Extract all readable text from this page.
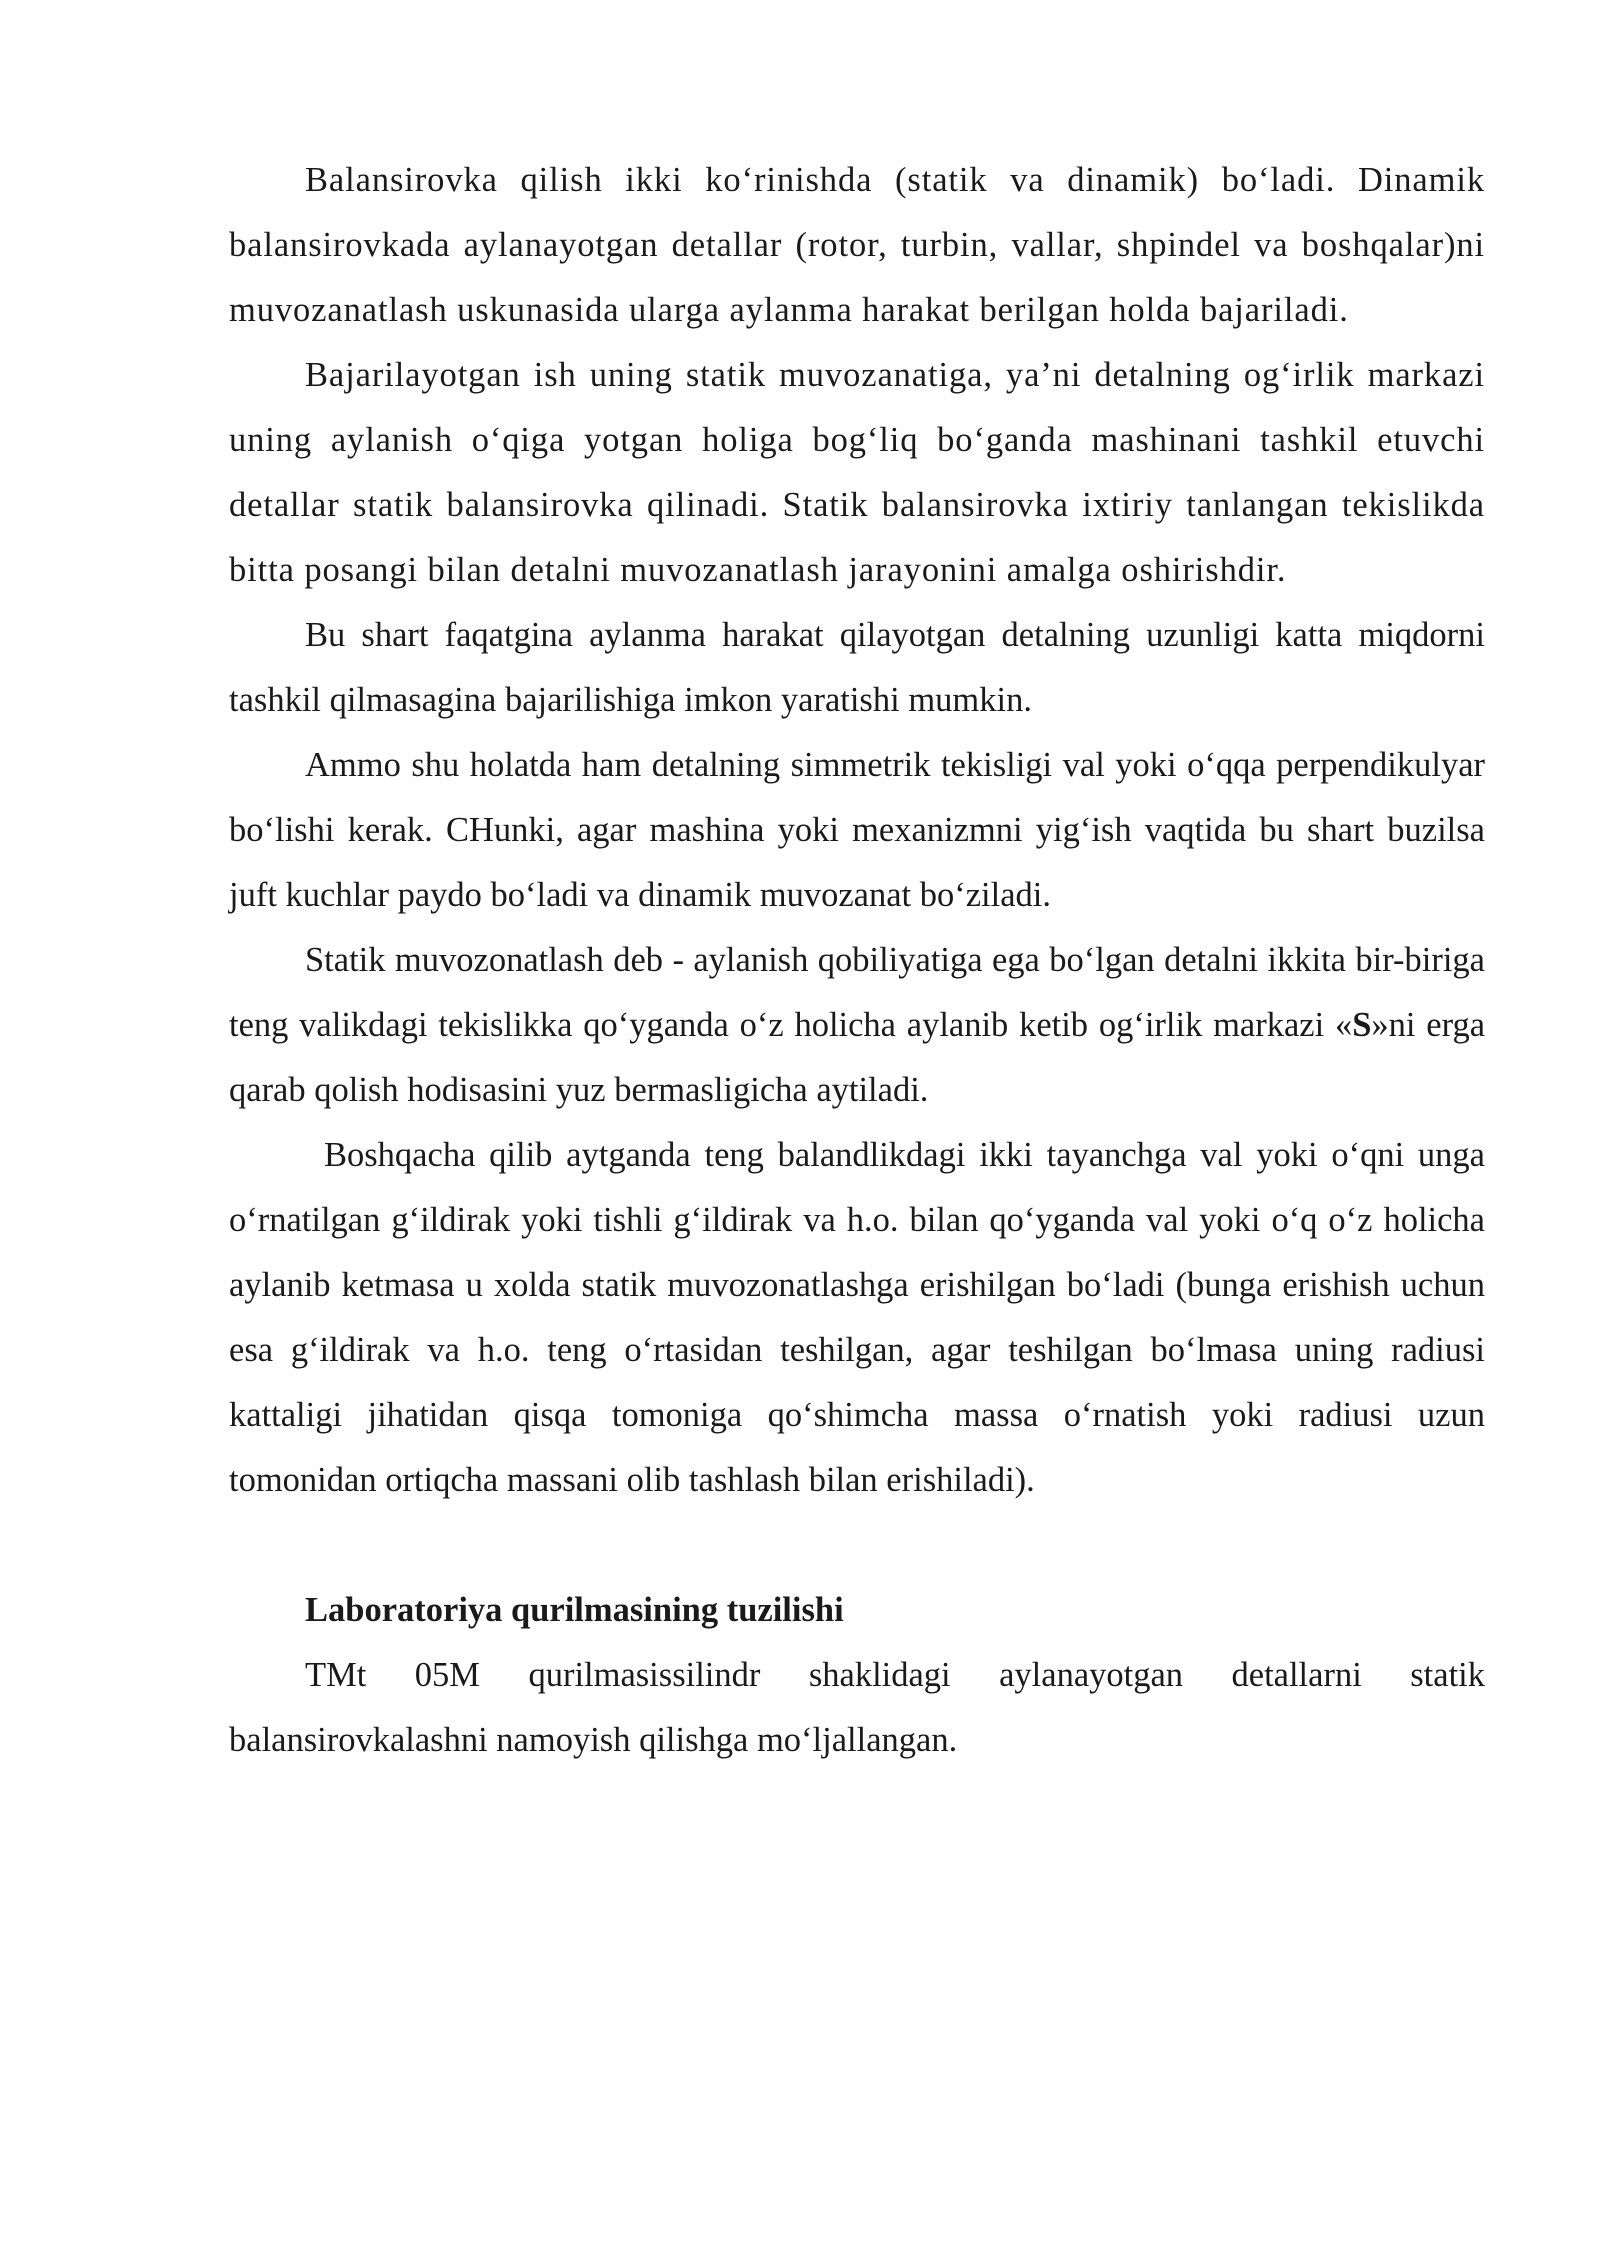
Balansirovka qilish ikki ko‘rinishda (statik va dinamik) bo‘ladi. Dinamik balansirovkada aylanayotgan detallar (rotor, turbin, vallar, shpindel va boshqalar)ni muvozanatlash uskunasida ularga aylanma harakat berilgan holda bajariladi.

Bajarilayotgan ish uning statik muvozanatiga, ya’ni detalning og‘irlik markazi uning aylanish o‘qiga yotgan holiga bog‘liq bo‘ganda mashinani tashkil etuvchi detallar statik balansirovka qilinadi. Statik balansirovka ixtiriy tanlangan tekislikda bitta posangi bilan detalni muvozanatlash jarayonini amalga oshirishdir.

Bu shart faqatgina aylanma harakat qilayotgan detalning uzunligi katta miqdorni tashkil qilmasagina bajarilishiga imkon yaratishi mumkin.

Ammo shu holatda ham detalning simmetrik tekisligi val yoki o‘qqa perpendikulyar bo‘lishi kerak. CHunki, agar mashina yoki mexanizmni yig‘ish vaqtida bu shart buzilsa juft kuchlar paydo bo‘ladi va dinamik muvozanat bo‘ziladi.

Statik muvozonatlash deb - aylanish qobiliyatiga ega bo‘lgan detalni ikkita bir-biriga teng valikdagi tekislikka qo‘yganda o‘z holicha aylanib ketib og‘irlik markazi «S»ni erga qarab qolish hodisasini yuz bermasligicha aytiladi.

Boshqacha qilib aytganda teng balandlikdagi ikki tayanchga val yoki o‘qni unga o‘rnatilgan g‘ildirak yoki tishli g‘ildirak va h.o. bilan qo‘yganda val yoki o‘q o‘z holicha aylanib ketmasa u xolda statik muvozonatlashga erishilgan bo‘ladi (bunga erishish uchun esa g‘ildirak va h.o. teng o‘rtasidan teshilgan, agar teshilgan bo‘lmasa uning radiusi kattaligi jihatidan qisqa tomoniga qo‘shimcha massa o‘rnatish yoki radiusi uzun tomonidan ortiqcha massani olib tashlash bilan erishiladi).

Laboratoriya qurilmasining tuzilishi

TMt 05M qurilmasissilindr shaklidagi aylanayotgan detallarni statik balansirovkalashni namoyish qilishga mo‘ljallangan.
